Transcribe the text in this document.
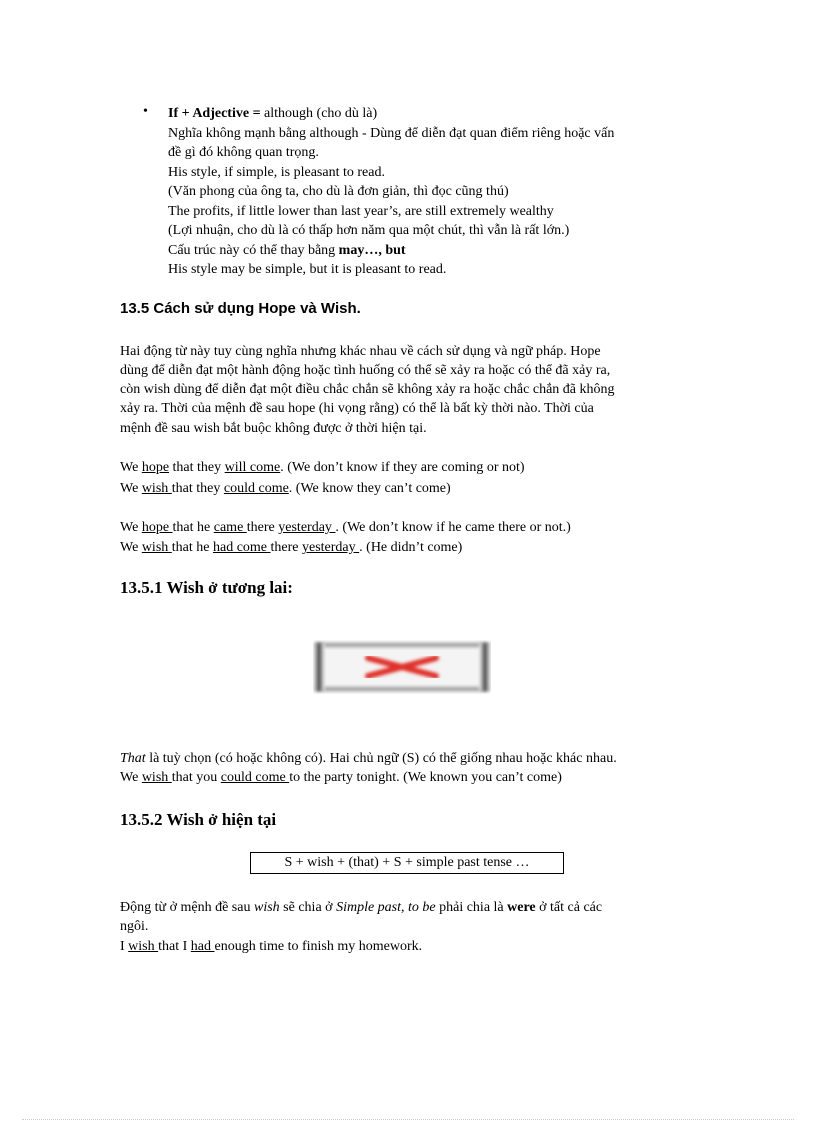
• If + Adjective = although (cho dù là)
Nghĩa không mạnh bằng although - Dùng để diễn đạt quan điểm riêng hoặc vấn
đề gì đó không quan trọng.
His style, if simple, is pleasant to read.
(Văn phong của ông ta, cho dù là đơn giản, thì đọc cũng thú)
The profits, if little lower than last year’s, are still extremely wealthy
(Lợi nhuận, cho dù là có thấp hơn năm qua một chút, thì vẫn là rất lớn.)
Cấu trúc này có thể thay bằng may…, but
His style may be simple, but it is pleasant to read.
13.5 Cách sử dụng Hope và Wish.
Hai động từ này tuy cùng nghĩa nhưng khác nhau về cách sử dụng và ngữ pháp. Hope
dùng để diễn đạt một hành động hoặc tình huống có thể sẽ xảy ra hoặc có thể đã xảy ra,
còn wish dùng để diễn đạt một điều chắc chắn sẽ không xảy ra hoặc chắc chắn đã không
xảy ra. Thời của mệnh đề sau hope (hi vọng rằng) có thể là bất kỳ thời nào. Thời của
mệnh đề sau wish bắt buộc không được ở thời hiện tại.
We hope that they will come. (We don’t know if they are coming or not)
We wish that they could come. (We know they can’t come)
We hope that he came there yesterday . (We don’t know if he came there or not.)
We wish that he had come there yesterday . (He didn’t come)
13.5.1 Wish ở tương lai:
That là tuỳ chọn (có hoặc không có). Hai chủ ngữ (S) có thể giống nhau hoặc khác nhau.
We wish that you could come to the party tonight. (We known you can’t come)
13.5.2 Wish ở hiện tại
S + wish + (that) + S + simple past tense …
Động từ ở mệnh đề sau wish sẽ chia ở Simple past, to be phải chia là were ở tất cả các
ngôi.
I wish that I had enough time to finish my homework.
